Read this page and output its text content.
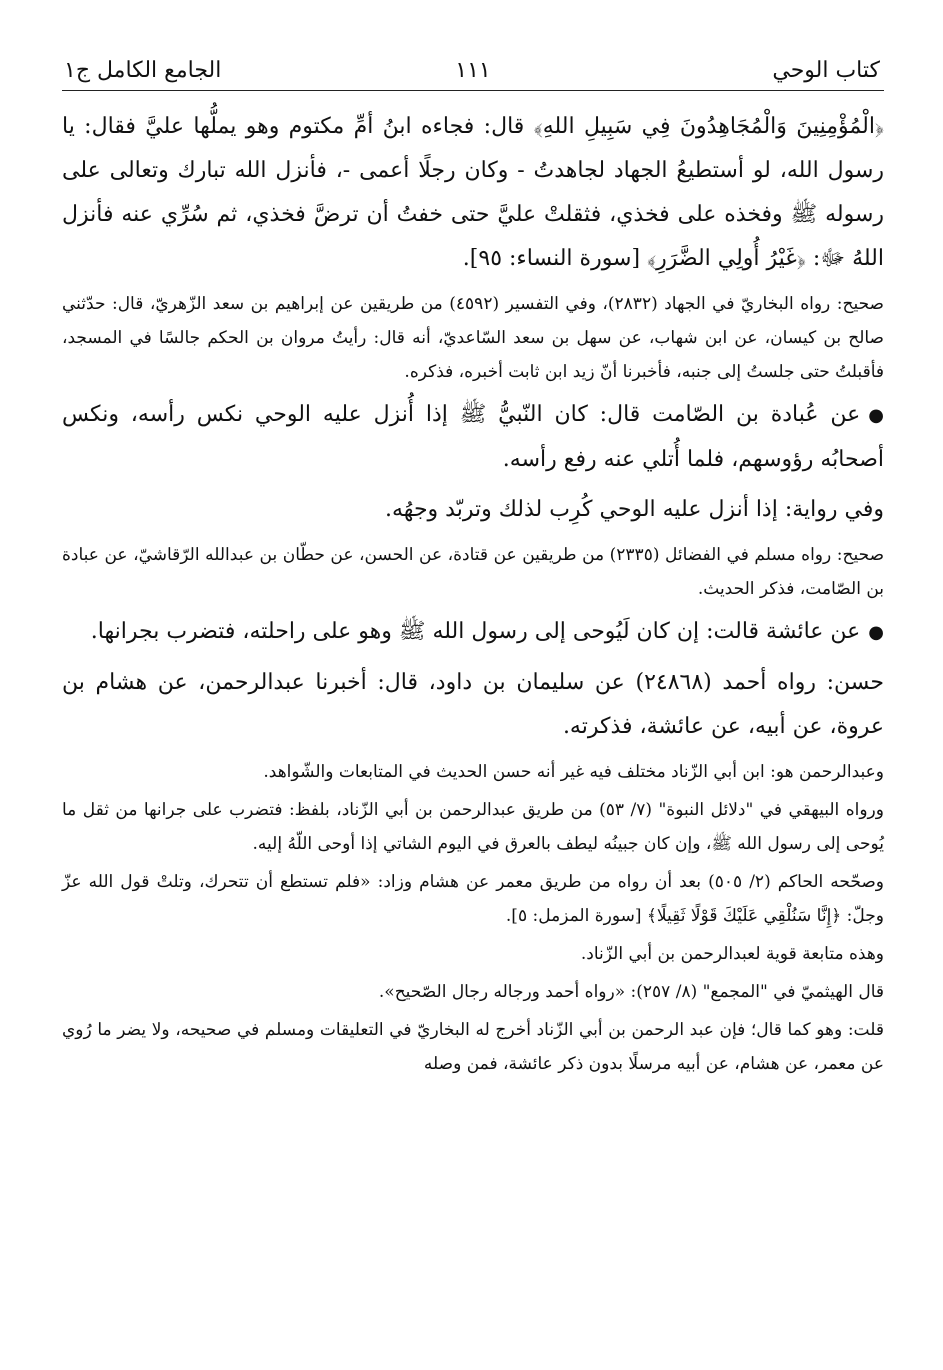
كتاب الوحي
١١١
الجامع الكامل ج١

﴿الْمُؤْمِنِينَ وَالْمُجَاهِدُونَ فِي سَبِيلِ اللهِ﴾ قال: فجاءه ابنُ أمِّ مكتوم وهو يملُّها عليَّ فقال: يا رسول الله، لو أستطيعُ الجهاد لجاهدتُ - وكان رجلًا أعمى -، فأنزل الله تبارك وتعالى على رسوله ﷺ وفخذه على فخذي، فثقلتْ عليَّ حتى خفتُ أن ترضَّ فخذي، ثم سُرِّي عنه فأنزل اللهُ ﷻ: ﴿غَيْرُ أُولِي الضَّرَرِ﴾ [سورة النساء: ٩٥].

صحيح: رواه البخاريّ في الجهاد (٢٨٣٢)، وفي التفسير (٤٥٩٢) من طريقين عن إبراهيم بن سعد الزّهريّ، قال: حدّثني صالح بن كيسان، عن ابن شهاب، عن سهل بن سعد السّاعديّ، أنه قال: رأيتُ مروان بن الحكم جالسًا في المسجد، فأقبلتُ حتى جلستُ إلى جنبه، فأخبرنا أنّ زيد ابن ثابت أخبره، فذكره.

●عن عُبادة بن الصّامت قال: كان النّبيُّ ﷺ إذا أُنزل عليه الوحي نكس رأسه، ونكس أصحابُه رؤوسهم، فلما أُتلي عنه رفع رأسه.

وفي رواية: إذا أنزل عليه الوحي كُرِب لذلك وتربّد وجهُه.

صحيح: رواه مسلم في الفضائل (٢٣٣٥) من طريقين عن قتادة، عن الحسن، عن حطّان بن عبدالله الرّقاشيّ، عن عبادة بن الصّامت، فذكر الحديث.

●عن عائشة قالت: إن كان لَيُوحى إلى رسول الله ﷺ وهو على راحلته، فتضرب بجرانها.

حسن: رواه أحمد (٢٤٨٦٨) عن سليمان بن داود، قال: أخبرنا عبدالرحمن، عن هشام بن عروة، عن أبيه، عن عائشة، فذكرته.

وعبدالرحمن هو: ابن أبي الزّناد مختلف فيه غير أنه حسن الحديث في المتابعات والشّواهد.

ورواه البيهقي في "دلائل النبوة" (٧/ ٥٣) من طريق عبدالرحمن بن أبي الزّناد، بلفظ: فتضرب على جرانها من ثقل ما يُوحى إلى رسول الله ﷺ، وإن كان جبينُه ليطف بالعرق في اليوم الشاتي إذا أوحى اللّهُ إليه.

وصحّحه الحاكم (٢/ ٥٠٥) بعد أن رواه من طريق معمر عن هشام وزاد: «فلم تستطع أن تتحرك، وتلتْ قول الله عزّ وجلّ: ﴿إِنَّا سَنُلْقِي عَلَيْكَ قَوْلًا ثَقِيلًا﴾ [سورة المزمل: ٥].

وهذه متابعة قوية لعبدالرحمن بن أبي الزّناد.

قال الهيثميّ في "المجمع" (٨/ ٢٥٧): «رواه أحمد ورجاله رجال الصّحيح».

قلت: وهو كما قال؛ فإن عبد الرحمن بن أبي الزّناد أخرج له البخاريّ في التعليقات ومسلم في صحيحه، ولا يضر ما رُوي عن معمر، عن هشام، عن أبيه مرسلًا بدون ذكر عائشة، فمن وصله
